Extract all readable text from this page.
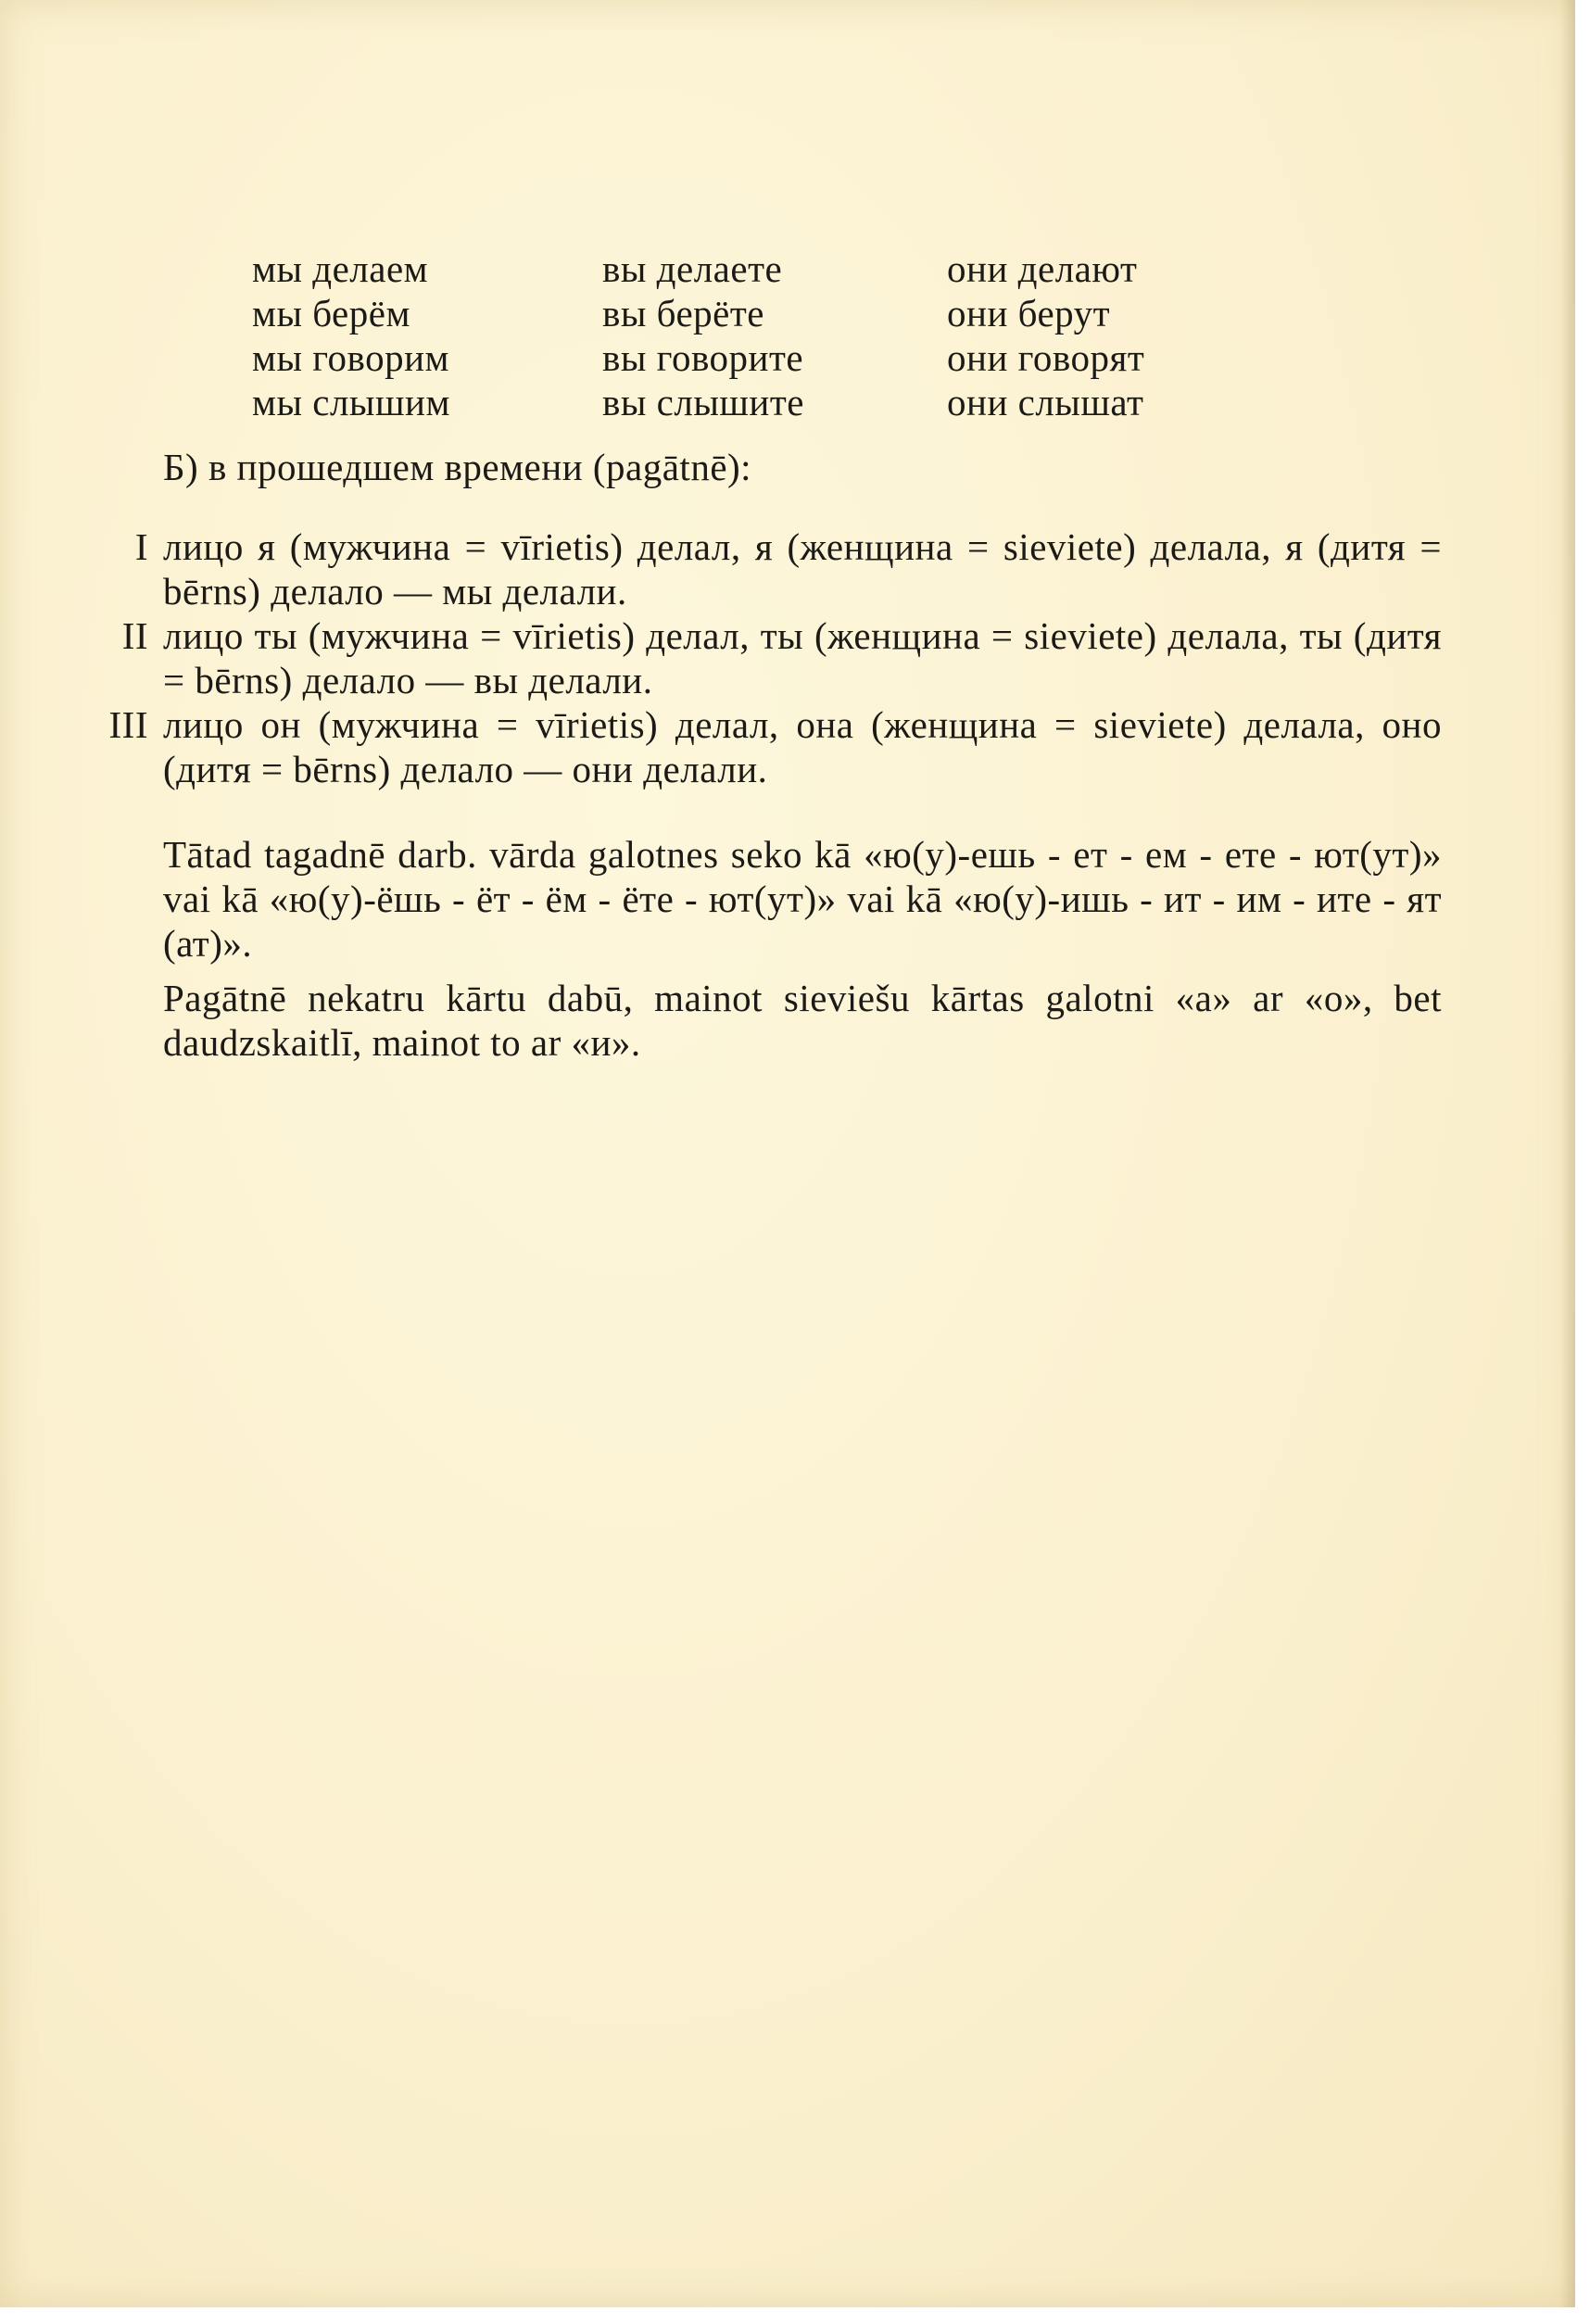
мы делаем	вы делаете	они делают
мы берём	вы берёте	они берут
мы говорим	вы говорите	они говорят
мы слышим	вы слышите	они слышат
Б) в прошедшем времени (pagātnē):
I лицо я (мужчина = vīrietis) делал, я (женщина = sieviete) делала, я (дитя = bērns) делало — мы делали.
II лицо ты (мужчина = vīrietis) делал, ты (женщина = sieviete) делала, ты (дитя = bērns) делало — вы делали.
III лицо он (мужчина = vīrietis) делал, она (женщина = sieviete) делала, оно (дитя = bērns) делало — они делали.
Tātad tagadnē darb. vārda galotnes seko kā «ю(у)-ешь - ет - ем - ете - ют(ут)» vai kā «ю(у)-ёшь - ёт - ём - ёте - ют(ут)» vai kā «ю(у)-ишь - ит - им - ите - ят (ат)».
Pagātnē nekatru kārtu dabū, mainot sieviešu kārtas galotni «а» ar «о», bet daudzskaitlī, mainot to ar «и».
